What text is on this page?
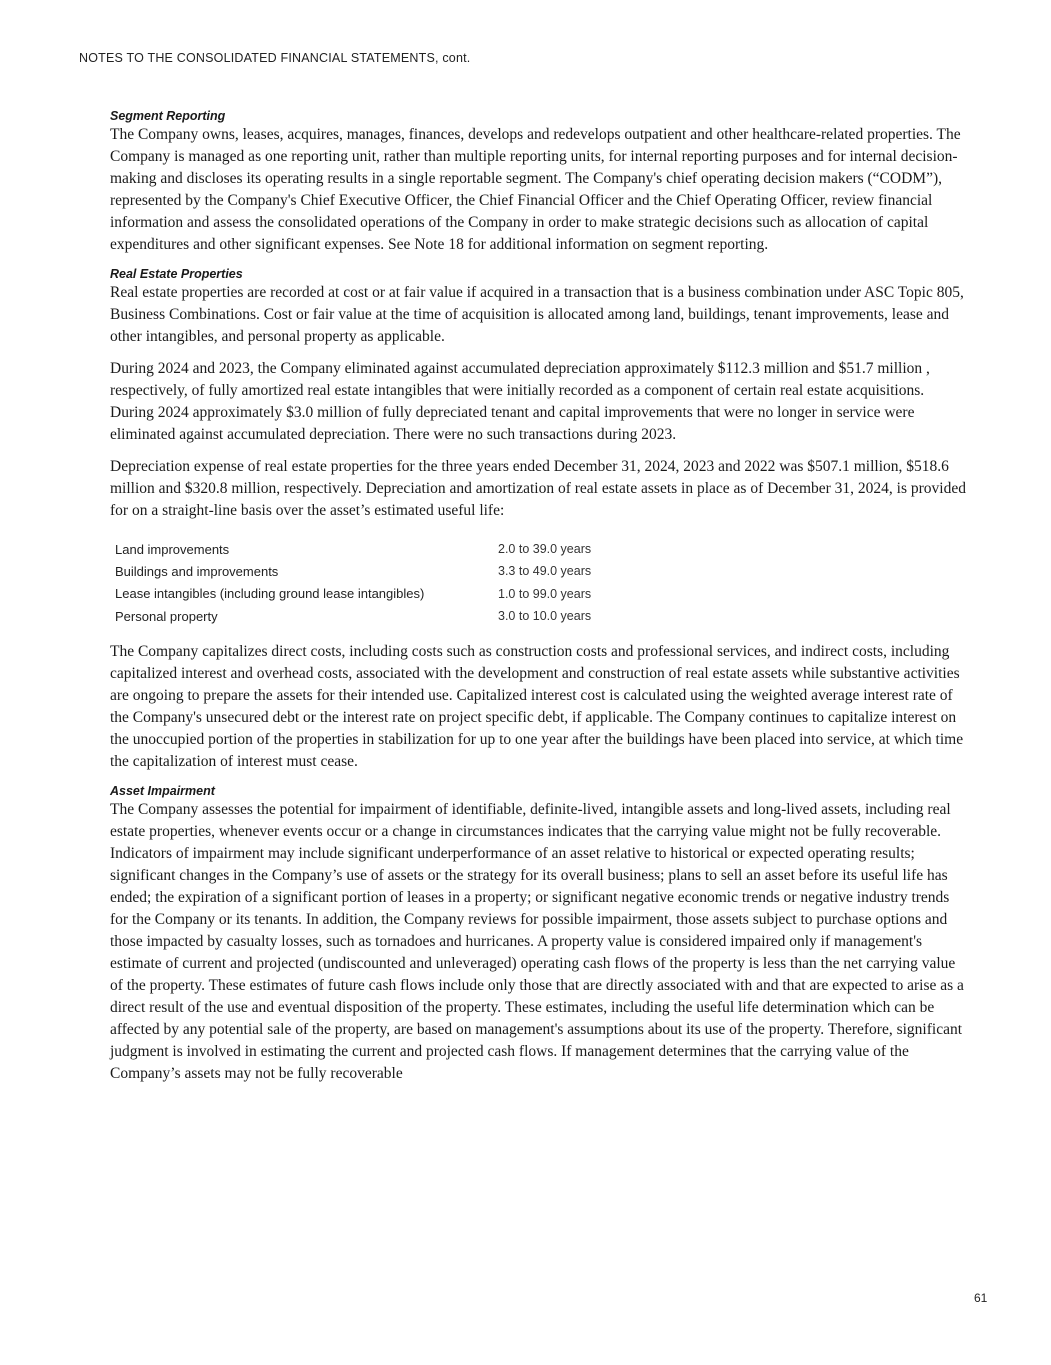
NOTES TO THE CONSOLIDATED FINANCIAL STATEMENTS, cont.
Segment Reporting

The Company owns, leases, acquires, manages, finances, develops and redevelops outpatient and other healthcare-related properties. The Company is managed as one reporting unit, rather than multiple reporting units, for internal reporting purposes and for internal decision-making and discloses its operating results in a single reportable segment. The Company's chief operating decision makers (“CODM”), represented by the Company's Chief Executive Officer, the Chief Financial Officer and the Chief Operating Officer, review financial information and assess the consolidated operations of the Company in order to make strategic decisions such as allocation of capital expenditures and other significant expenses. See Note 18 for additional information on segment reporting.

Real Estate Properties

Real estate properties are recorded at cost or at fair value if acquired in a transaction that is a business combination under ASC Topic 805, Business Combinations. Cost or fair value at the time of acquisition is allocated among land, buildings, tenant improvements, lease and other intangibles, and personal property as applicable.

During 2024 and 2023, the Company eliminated against accumulated depreciation approximately $112.3 million and $51.7 million , respectively, of fully amortized real estate intangibles that were initially recorded as a component of certain real estate acquisitions. During 2024 approximately $3.0 million of fully depreciated tenant and capital improvements that were no longer in service were eliminated against accumulated depreciation. There were no such transactions during 2023.

Depreciation expense of real estate properties for the three years ended December 31, 2024, 2023 and 2022 was $507.1 million, $518.6 million and $320.8 million, respectively. Depreciation and amortization of real estate assets in place as of December 31, 2024, is provided for on a straight-line basis over the asset’s estimated useful life:

Land improvements	2.0 to 39.0 years
Buildings and improvements	3.3 to 49.0 years
Lease intangibles (including ground lease intangibles)	1.0 to 99.0 years
Personal property	3.0 to 10.0 years

The Company capitalizes direct costs, including costs such as construction costs and professional services, and indirect costs, including capitalized interest and overhead costs, associated with the development and construction of real estate assets while substantive activities are ongoing to prepare the assets for their intended use. Capitalized interest cost is calculated using the weighted average interest rate of the Company's unsecured debt or the interest rate on project specific debt, if applicable. The Company continues to capitalize interest on the unoccupied portion of the properties in stabilization for up to one year after the buildings have been placed into service, at which time the capitalization of interest must cease.

Asset Impairment

The Company assesses the potential for impairment of identifiable, definite-lived, intangible assets and long-lived assets, including real estate properties, whenever events occur or a change in circumstances indicates that the carrying value might not be fully recoverable. Indicators of impairment may include significant underperformance of an asset relative to historical or expected operating results; significant changes in the Company’s use of assets or the strategy for its overall business; plans to sell an asset before its useful life has ended; the expiration of a significant portion of leases in a property; or significant negative economic trends or negative industry trends for the Company or its tenants. In addition, the Company reviews for possible impairment, those assets subject to purchase options and those impacted by casualty losses, such as tornadoes and hurricanes. A property value is considered impaired only if management's estimate of current and projected (undiscounted and unleveraged) operating cash flows of the property is less than the net carrying value of the property. These estimates of future cash flows include only those that are directly associated with and that are expected to arise as a direct result of the use and eventual disposition of the property. These estimates, including the useful life determination which can be affected by any potential sale of the property, are based on management's assumptions about its use of the property. Therefore, significant judgment is involved in estimating the current and projected cash flows. If management determines that the carrying value of the Company’s assets may not be fully recoverable

61
